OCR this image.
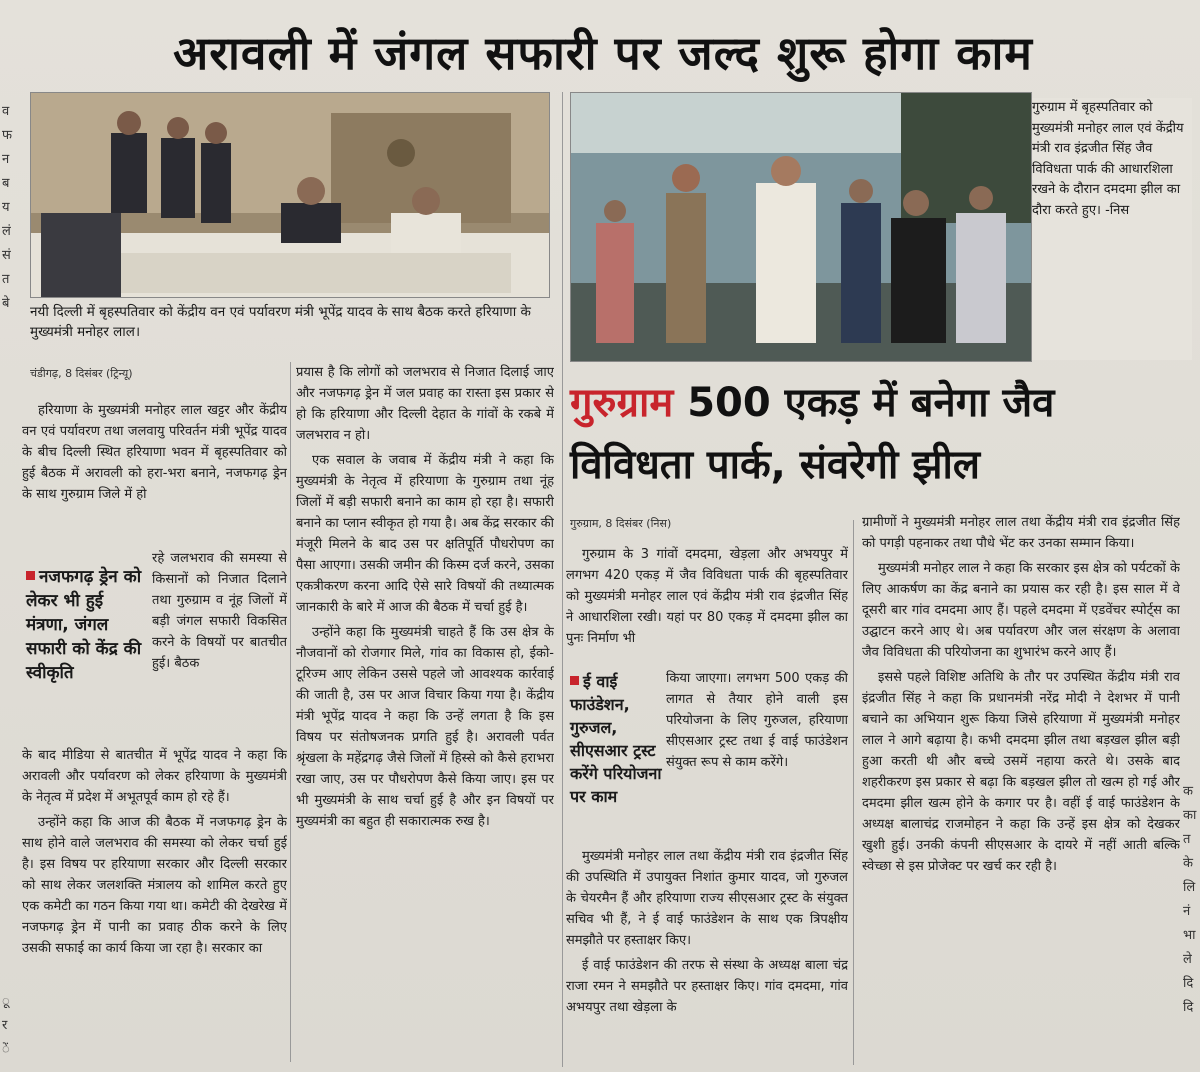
व
फ
न
ब
य
लं
सं
त
बे
ू
र
ें
क
का
त
के
लि
नं
भा
ले
दि
दि
अरावली में जंगल सफारी पर जल्द शुरू होगा काम
नयी दिल्ली में बृहस्पतिवार को केंद्रीय वन एवं पर्यावरण मंत्री भूपेंद्र यादव के साथ बैठक करते हरियाणा के मुख्यमंत्री मनोहर लाल।
गुरुग्राम में बृहस्पतिवार को मुख्यमंत्री मनोहर लाल एवं केंद्रीय मंत्री राव इंद्रजीत सिंह जैव विविधता पार्क की आधारशिला रखने के दौरान दमदमा झील का दौरा करते हुए। -निस
चंडीगढ़, 8 दिसंबर (ट्रिन्यू)

हरियाणा के मुख्यमंत्री मनोहर लाल खट्टर और केंद्रीय वन एवं पर्यावरण तथा जलवायु परिवर्तन मंत्री भूपेंद्र यादव के बीच दिल्ली स्थित हरियाणा भवन में बृहस्पतिवार को हुई बैठक में अरावली को हरा-भरा बनाने, नजफगढ़ ड्रेन के साथ गुरुग्राम जिले में हो

नजफगढ़ ड्रेन को लेकर भी हुई मंत्रणा, जंगल सफारी को केंद्र की स्वीकृति

रहे जलभराव की समस्या से किसानों को निजात दिलाने तथा गुरुग्राम व नूंह जिलों में बड़ी जंगल सफारी विकसित करने के विषयों पर बातचीत हुई। बैठक

के बाद मीडिया से बातचीत में भूपेंद्र यादव ने कहा कि अरावली और पर्यावरण को लेकर हरियाणा के मुख्यमंत्री के नेतृत्व में प्रदेश में अभूतपूर्व काम हो रहे हैं।

उन्होंने कहा कि आज की बैठक में नजफगढ़ ड्रेन के साथ होने वाले जलभराव की समस्या को लेकर चर्चा हुई है। इस विषय पर हरियाणा सरकार और दिल्ली सरकार को साथ लेकर जलशक्ति मंत्रालय को शामिल करते हुए एक कमेटी का गठन किया गया था। कमेटी की देखरेख में नजफगढ़ ड्रेन में पानी का प्रवाह ठीक करने के लिए उसकी सफाई का कार्य किया जा रहा है। सरकार का

प्रयास है कि लोगों को जलभराव से निजात दिलाई जाए और नजफगढ़ ड्रेन में जल प्रवाह का रास्ता इस प्रकार से हो कि हरियाणा और दिल्ली देहात के गांवों के रकबे में जलभराव न हो।

एक सवाल के जवाब में केंद्रीय मंत्री ने कहा कि मुख्यमंत्री के नेतृत्व में हरियाणा के गुरुग्राम तथा नूंह जिलों में बड़ी सफारी बनाने का काम हो रहा है। सफारी बनाने का प्लान स्वीकृत हो गया है। अब केंद्र सरकार की मंजूरी मिलने के बाद उस पर क्षतिपूर्ति पौधरोपण का पैसा आएगा। उसकी जमीन की किस्म दर्ज करने, उसका एकत्रीकरण करना आदि ऐसे सारे विषयों की तथ्यात्मक जानकारी के बारे में आज की बैठक में चर्चा हुई है।

उन्होंने कहा कि मुख्यमंत्री चाहते हैं कि उस क्षेत्र के नौजवानों को रोजगार मिले, गांव का विकास हो, ईको-टूरिज्म आए लेकिन उससे पहले जो आवश्यक कार्रवाई की जाती है, उस पर आज विचार किया गया है। केंद्रीय मंत्री भूपेंद्र यादव ने कहा कि उन्हें लगता है कि इस विषय पर संतोषजनक प्रगति हुई है। अरावली पर्वत श्रृंखला के महेंद्रगढ़ जैसे जिलों में हिस्से को कैसे हराभरा रखा जाए, उस पर पौधरोपण कैसे किया जाए। इस पर भी मुख्यमंत्री के साथ चर्चा हुई है और इन विषयों पर मुख्यमंत्री का बहुत ही सकारात्मक रुख है।

गुरुग्राम 500 एकड़ में बनेगा जैव विविधता पार्क, संवरेगी झील
गुरुग्राम, 8 दिसंबर (निस)

गुरुग्राम के 3 गांवों दमदमा, खेड़ला और अभयपुर में लगभग 420 एकड़ में जैव विविधता पार्क की बृहस्पतिवार को मुख्यमंत्री मनोहर लाल एवं केंद्रीय मंत्री राव इंद्रजीत सिंह ने आधारशिला रखी। यहां पर 80 एकड़ में दमदमा झील का पुनः निर्माण भी

ई वाई फाउंडेशन, गुरुजल, सीएसआर ट्रस्ट करेंगे परियोजना पर काम

किया जाएगा। लगभग 500 एकड़ की लागत से तैयार होने वाली इस परियोजना के लिए गुरुजल, हरियाणा सीएसआर ट्रस्ट तथा ई वाई फाउंडेशन संयुक्त रूप से काम करेंगे।

मुख्यमंत्री मनोहर लाल तथा केंद्रीय मंत्री राव इंद्रजीत सिंह की उपस्थिति में उपायुक्त निशांत कुमार यादव, जो गुरुजल के चेयरमैन हैं और हरियाणा राज्य सीएसआर ट्रस्ट के संयुक्त सचिव भी हैं, ने ई वाई फाउंडेशन के साथ एक त्रिपक्षीय समझौते पर हस्ताक्षर किए।

ई वाई फाउंडेशन की तरफ से संस्था के अध्यक्ष बाला चंद्र राजा रमन ने समझौते पर हस्ताक्षर किए। गांव दमदमा, गांव अभयपुर तथा खेड़ला के

ग्रामीणों ने मुख्यमंत्री मनोहर लाल तथा केंद्रीय मंत्री राव इंद्रजीत सिंह को पगड़ी पहनाकर तथा पौधे भेंट कर उनका सम्मान किया।

मुख्यमंत्री मनोहर लाल ने कहा कि सरकार इस क्षेत्र को पर्यटकों के लिए आकर्षण का केंद्र बनाने का प्रयास कर रही है। इस साल में वे दूसरी बार गांव दमदमा आए हैं। पहले दमदमा में एडवेंचर स्पोर्ट्स का उद्घाटन करने आए थे। अब पर्यावरण और जल संरक्षण के अलावा जैव विविधता की परियोजना का शुभारंभ करने आए हैं।

इससे पहले विशिष्ट अतिथि के तौर पर उपस्थित केंद्रीय मंत्री राव इंद्रजीत सिंह ने कहा कि प्रधानमंत्री नरेंद्र मोदी ने देशभर में पानी बचाने का अभियान शुरू किया जिसे हरियाणा में मुख्यमंत्री मनोहर लाल ने आगे बढ़ाया है। कभी दमदमा झील तथा बड़खल झील बड़ी हुआ करती थी और बच्चे उसमें नहाया करते थे। उसके बाद शहरीकरण इस प्रकार से बढ़ा कि बड़खल झील तो खत्म हो गई और दमदमा झील खत्म होने के कगार पर है। वहीं ई वाई फाउंडेशन के अध्यक्ष बालाचंद्र राजमोहन ने कहा कि उन्हें इस क्षेत्र को देखकर खुशी हुई। उनकी कंपनी सीएसआर के दायरे में नहीं आती बल्कि स्वेच्छा से इस प्रोजेक्ट पर खर्च कर रही है।
